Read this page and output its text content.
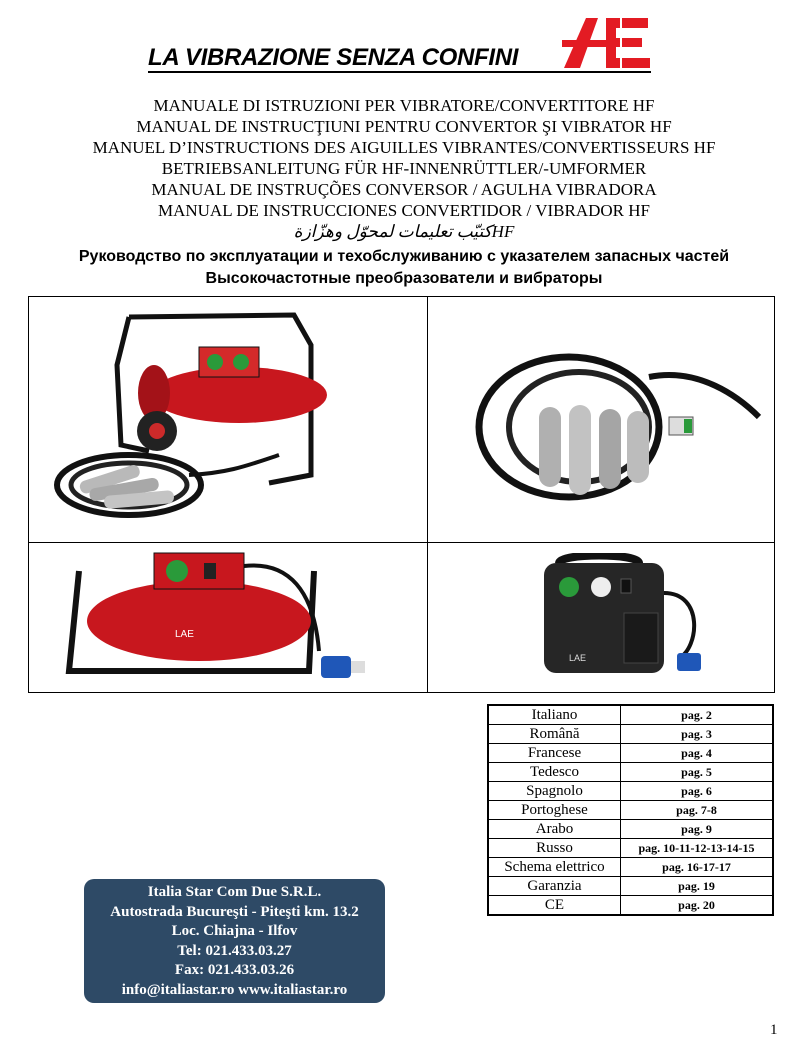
LA VIBRAZIONE SENZA CONFINI
MANUALE DI ISTRUZIONI PER VIBRATORE/CONVERTITORE HF
MANUAL DE INSTRUCŢIUNI PENTRU CONVERTOR ŞI VIBRATOR HF
MANUEL D’INSTRUCTIONS DES AIGUILLES VIBRANTES/CONVERTISSEURS HF
BETRIEBSANLEITUNG FÜR HF-INNENRÜTTLER/-UMFORMER
MANUAL DE INSTRUÇÕES CONVERSOR / AGULHA VIBRADORA
MANUAL DE INSTRUCCIONES CONVERTIDOR / VIBRADOR HF
كتيّب تعليمات لمحوّل وهزّازةHF
Руководство по эксплуатации и техобслуживанию с указателем запасных частей
Высокочастотные преобразователи и вибраторы
LAE
LAE
Italiano	pag. 2
Română	pag. 3
Francese	pag. 4
Tedesco	pag. 5
Spagnolo	pag. 6
Portoghese	pag. 7-8
Arabo	pag. 9
Russo	pag. 10-11-12-13-14-15
Schema elettrico	pag. 16-17-17
Garanzia	pag. 19
CE	pag. 20
Italia Star Com Due S.R.L.
Autostrada Bucureşti - Piteşti km. 13.2
Loc. Chiajna - Ilfov
Tel: 021.433.03.27
Fax: 021.433.03.26
info@italiastar.ro www.italiastar.ro
1
